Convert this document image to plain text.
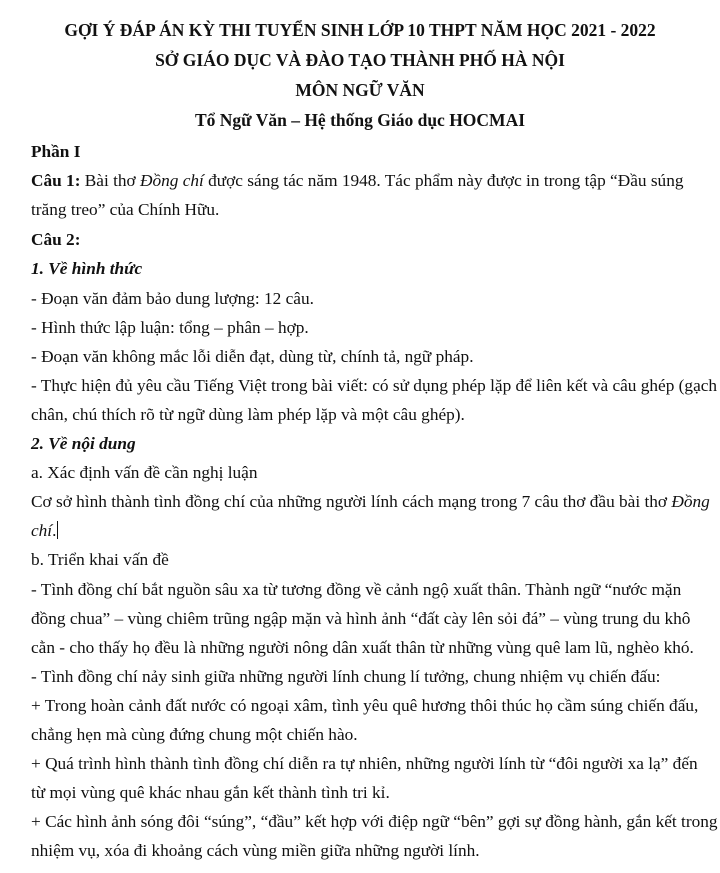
GỢI Ý ĐÁP ÁN KỲ THI TUYỂN SINH LỚP 10 THPT NĂM HỌC 2021 - 2022
SỞ GIÁO DỤC VÀ ĐÀO TẠO THÀNH PHỐ HÀ NỘI
MÔN NGỮ VĂN
Tổ Ngữ Văn – Hệ thống Giáo dục HOCMAI
Phần I
Câu 1: Bài thơ Đồng chí được sáng tác năm 1948. Tác phẩm này được in trong tập “Đầu súng
trăng treo” của Chính Hữu.
Câu 2:
1. Về hình thức
- Đoạn văn đảm bảo dung lượng: 12 câu.
- Hình thức lập luận: tổng – phân – hợp.
- Đoạn văn không mắc lỗi diễn đạt, dùng từ, chính tả, ngữ pháp.
- Thực hiện đủ yêu cầu Tiếng Việt trong bài viết: có sử dụng phép lặp để liên kết và câu ghép (gạch
chân, chú thích rõ từ ngữ dùng làm phép lặp và một câu ghép).
2. Về nội dung
a. Xác định vấn đề cần nghị luận
Cơ sở hình thành tình đồng chí của những người lính cách mạng trong 7 câu thơ đầu bài thơ Đồng
chí.
b. Triển khai vấn đề
- Tình đồng chí bắt nguồn sâu xa từ tương đồng về cảnh ngộ xuất thân. Thành ngữ “nước mặn
đồng chua” – vùng chiêm trũng ngập mặn và hình ảnh “đất cày lên sỏi đá” – vùng trung du khô
cằn - cho thấy họ đều là những người nông dân xuất thân từ những vùng quê lam lũ, nghèo khó.
- Tình đồng chí nảy sinh giữa những người lính chung lí tưởng, chung nhiệm vụ chiến đấu:
+ Trong hoàn cảnh đất nước có ngoại xâm, tình yêu quê hương thôi thúc họ cầm súng chiến đấu,
chẳng hẹn mà cùng đứng chung một chiến hào.
+ Quá trình hình thành tình đồng chí diễn ra tự nhiên, những người lính từ “đôi người xa lạ” đến
từ mọi vùng quê khác nhau gắn kết thành tình tri kỉ.
+ Các hình ảnh sóng đôi “súng”, “đầu” kết hợp với điệp ngữ “bên” gợi sự đồng hành, gắn kết trong
nhiệm vụ, xóa đi khoảng cách vùng miền giữa những người lính.
